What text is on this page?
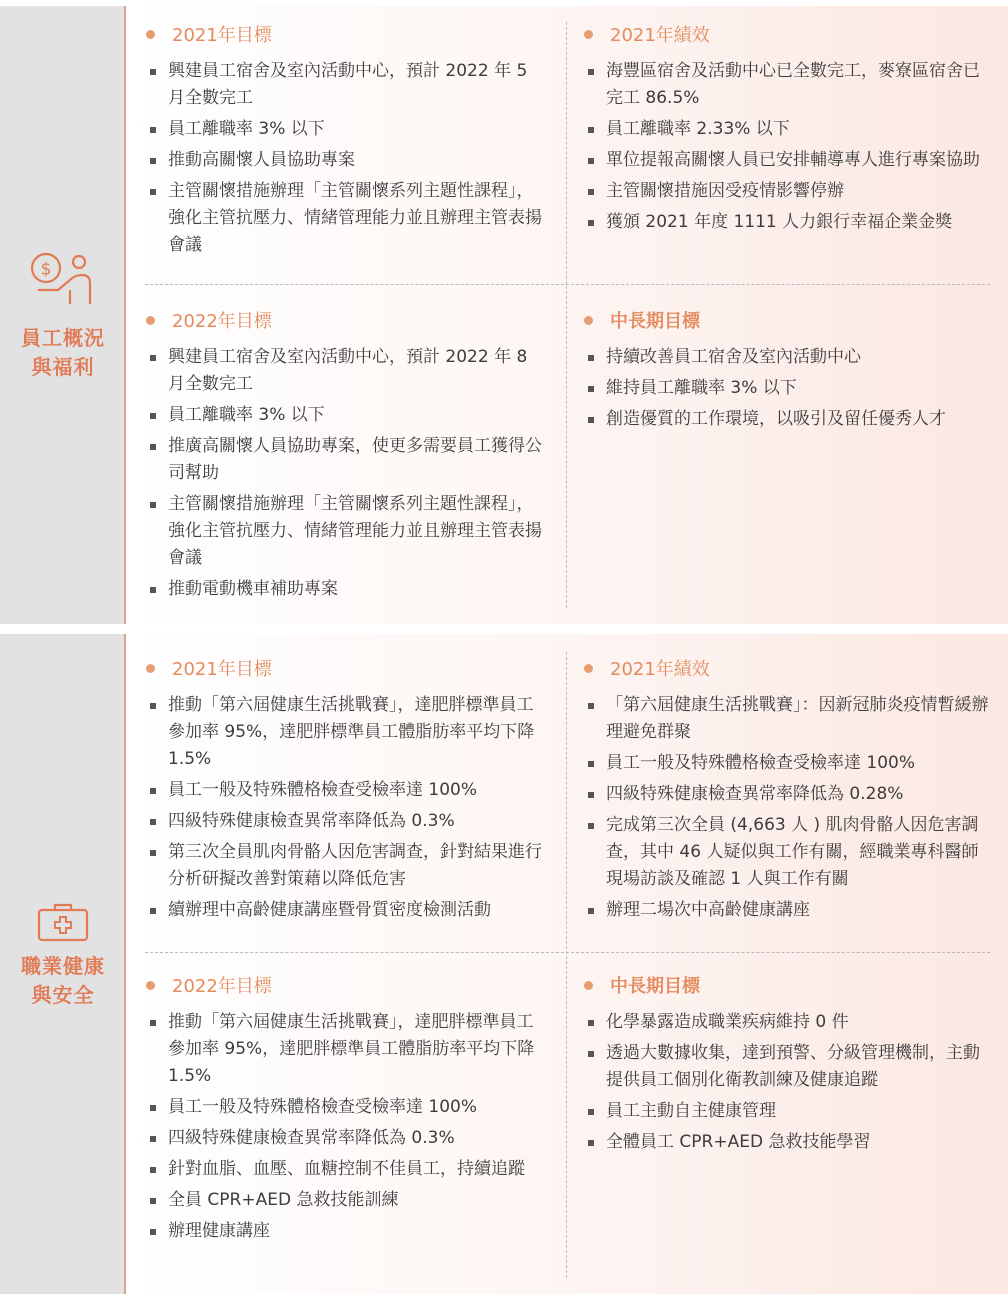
$
員工概況
與福利
2021年目標
興建員工宿舍及室內活動中心，預計 2022 年 5 月全數完工
員工離職率 3% 以下
推動高關懷人員協助專案
主管關懷措施辦理「主管關懷系列主題性課程」，強化主管抗壓力、情緒管理能力並且辦理主管表揚會議
2021年績效
海豐區宿舍及活動中心已全數完工，麥寮區宿舍已完工 86.5%
員工離職率 2.33% 以下
單位提報高關懷人員已安排輔導專人進行專案協助
主管關懷措施因受疫情影響停辦
獲頒 2021 年度 1111 人力銀行幸福企業金獎
2022年目標
興建員工宿舍及室內活動中心，預計 2022 年 8 月全數完工
員工離職率 3% 以下
推廣高關懷人員協助專案，使更多需要員工獲得公司幫助
主管關懷措施辦理「主管關懷系列主題性課程」，強化主管抗壓力、情緒管理能力並且辦理主管表揚會議
推動電動機車補助專案
中長期目標
持續改善員工宿舍及室內活動中心
維持員工離職率 3% 以下
創造優質的工作環境，以吸引及留任優秀人才
職業健康
與安全
2021年目標
推動「第六屆健康生活挑戰賽」，達肥胖標準員工參加率 95%，達肥胖標準員工體脂肪率平均下降 1.5%
員工一般及特殊體格檢查受檢率達 100%
四級特殊健康檢查異常率降低為 0.3%
第三次全員肌肉骨骼人因危害調查，針對結果進行分析研擬改善對策藉以降低危害
續辦理中高齡健康講座暨骨質密度檢測活動
2021年績效
「第六屆健康生活挑戰賽」：因新冠肺炎疫情暫緩辦理避免群聚
員工一般及特殊體格檢查受檢率達 100%
四級特殊健康檢查異常率降低為 0.28%
完成第三次全員 (4,663 人 ) 肌肉骨骼人因危害調查，其中 46 人疑似與工作有關，經職業專科醫師現場訪談及確認 1 人與工作有關
辦理二場次中高齡健康講座
2022年目標
推動「第六屆健康生活挑戰賽」，達肥胖標準員工參加率 95%，達肥胖標準員工體脂肪率平均下降 1.5%
員工一般及特殊體格檢查受檢率達 100%
四級特殊健康檢查異常率降低為 0.3%
針對血脂、血壓、血糖控制不佳員工，持續追蹤
全員 CPR+AED 急救技能訓練
辦理健康講座
中長期目標
化學暴露造成職業疾病維持 0 件
透過大數據收集，達到預警、分級管理機制，主動提供員工個別化衛教訓練及健康追蹤
員工主動自主健康管理
全體員工 CPR+AED 急救技能學習
